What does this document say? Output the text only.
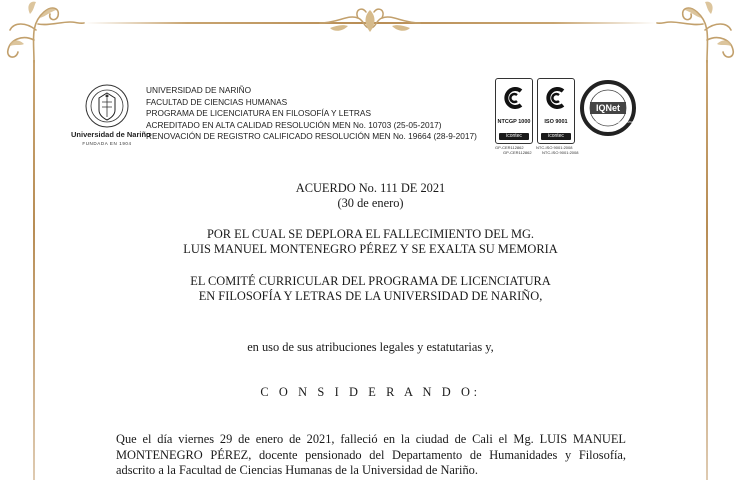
Universidad de Nariño
FUNDADA EN 1904
UNIVERSIDAD DE NARIÑO
FACULTAD DE CIENCIAS HUMANAS
PROGRAMA DE LICENCIATURA EN FILOSOFÍA Y LETRAS
ACREDITADO EN ALTA CALIDAD RESOLUCIÓN MEN No. 10703 (25-05-2017)
RENOVACIÓN DE REGISTRO CALIFICADO RESOLUCIÓN MEN No. 19664 (28-9-2017)
NTCGP 1000
icontec
GP-CER112862
GP-CER112862
ISO 9001
icontec
NTC-ISO 9001:2008
NTC-ISO 9001:2008
IQNet
CERTIFIED MANAGEMENT SYSTEM
ACUERDO No. 111 DE 2021
(30 de enero)
POR EL CUAL SE DEPLORA EL FALLECIMIENTO DEL MG.
LUIS MANUEL MONTENEGRO PÉREZ Y SE EXALTA SU MEMORIA
EL COMITÉ CURRICULAR DEL PROGRAMA DE LICENCIATURA
EN FILOSOFÍA Y LETRAS DE LA UNIVERSIDAD DE NARIÑO,
en uso de sus atribuciones legales y estatutarias y,
C O N S I D E R A N D O:
Que el día viernes 29 de enero de 2021, falleció en la ciudad de Cali el Mg. LUIS MANUEL MONTENEGRO PÉREZ, docente pensionado del Departamento de Humanidades y Filosofía, adscrito a la Facultad de Ciencias Humanas de la Universidad de Nariño.
